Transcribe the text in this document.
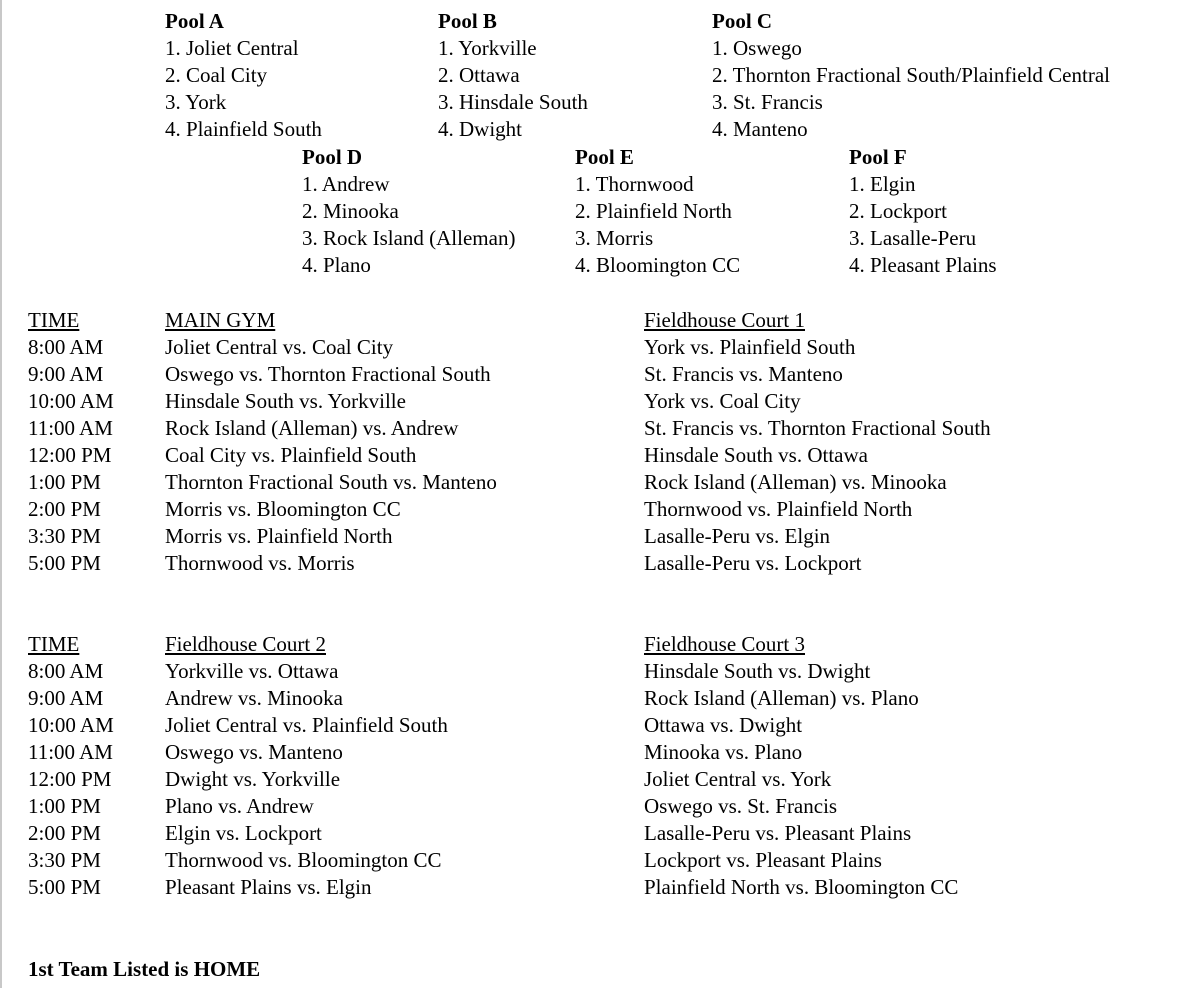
Pool A
1. Joliet Central
2. Coal City
3. York
4. Plainfield South
Pool B
1. Yorkville
2. Ottawa
3. Hinsdale South
4. Dwight
Pool C
1. Oswego
2. Thornton Fractional South/Plainfield Central
3. St. Francis
4. Manteno
Pool D
1. Andrew
2. Minooka
3. Rock Island (Alleman)
4. Plano
Pool E
1. Thornwood
2. Plainfield North
3. Morris
4. Bloomington CC
Pool F
1. Elgin
2. Lockport
3. Lasalle-Peru
4. Pleasant Plains
TIME
8:00 AM
9:00 AM
10:00 AM
11:00 AM
12:00 PM
1:00 PM
2:00 PM
3:30 PM
5:00 PM
MAIN GYM
Joliet Central vs. Coal City
Oswego vs. Thornton Fractional South
Hinsdale South vs. Yorkville
Rock Island (Alleman) vs. Andrew
Coal City vs. Plainfield South
Thornton Fractional South vs. Manteno
Morris vs. Bloomington CC
Morris vs. Plainfield North
Thornwood vs. Morris
Fieldhouse Court 1
York vs. Plainfield South
St. Francis vs. Manteno
York vs. Coal City
St. Francis vs. Thornton Fractional South
Hinsdale South vs. Ottawa
Rock Island (Alleman) vs. Minooka
Thornwood vs. Plainfield North
Lasalle-Peru vs. Elgin
Lasalle-Peru vs. Lockport
TIME
8:00 AM
9:00 AM
10:00 AM
11:00 AM
12:00 PM
1:00 PM
2:00 PM
3:30 PM
5:00 PM
Fieldhouse Court 2
Yorkville vs. Ottawa
Andrew vs. Minooka
Joliet Central vs. Plainfield South
Oswego vs. Manteno
Dwight vs. Yorkville
Plano vs. Andrew
Elgin vs. Lockport
Thornwood vs. Bloomington CC
Pleasant Plains vs. Elgin
Fieldhouse Court 3
Hinsdale South vs. Dwight
Rock Island (Alleman) vs. Plano
Ottawa vs. Dwight
Minooka vs. Plano
Joliet Central vs. York
Oswego vs. St. Francis
Lasalle-Peru vs. Pleasant Plains
Lockport vs. Pleasant Plains
Plainfield North vs. Bloomington CC
1st Team Listed is HOME
